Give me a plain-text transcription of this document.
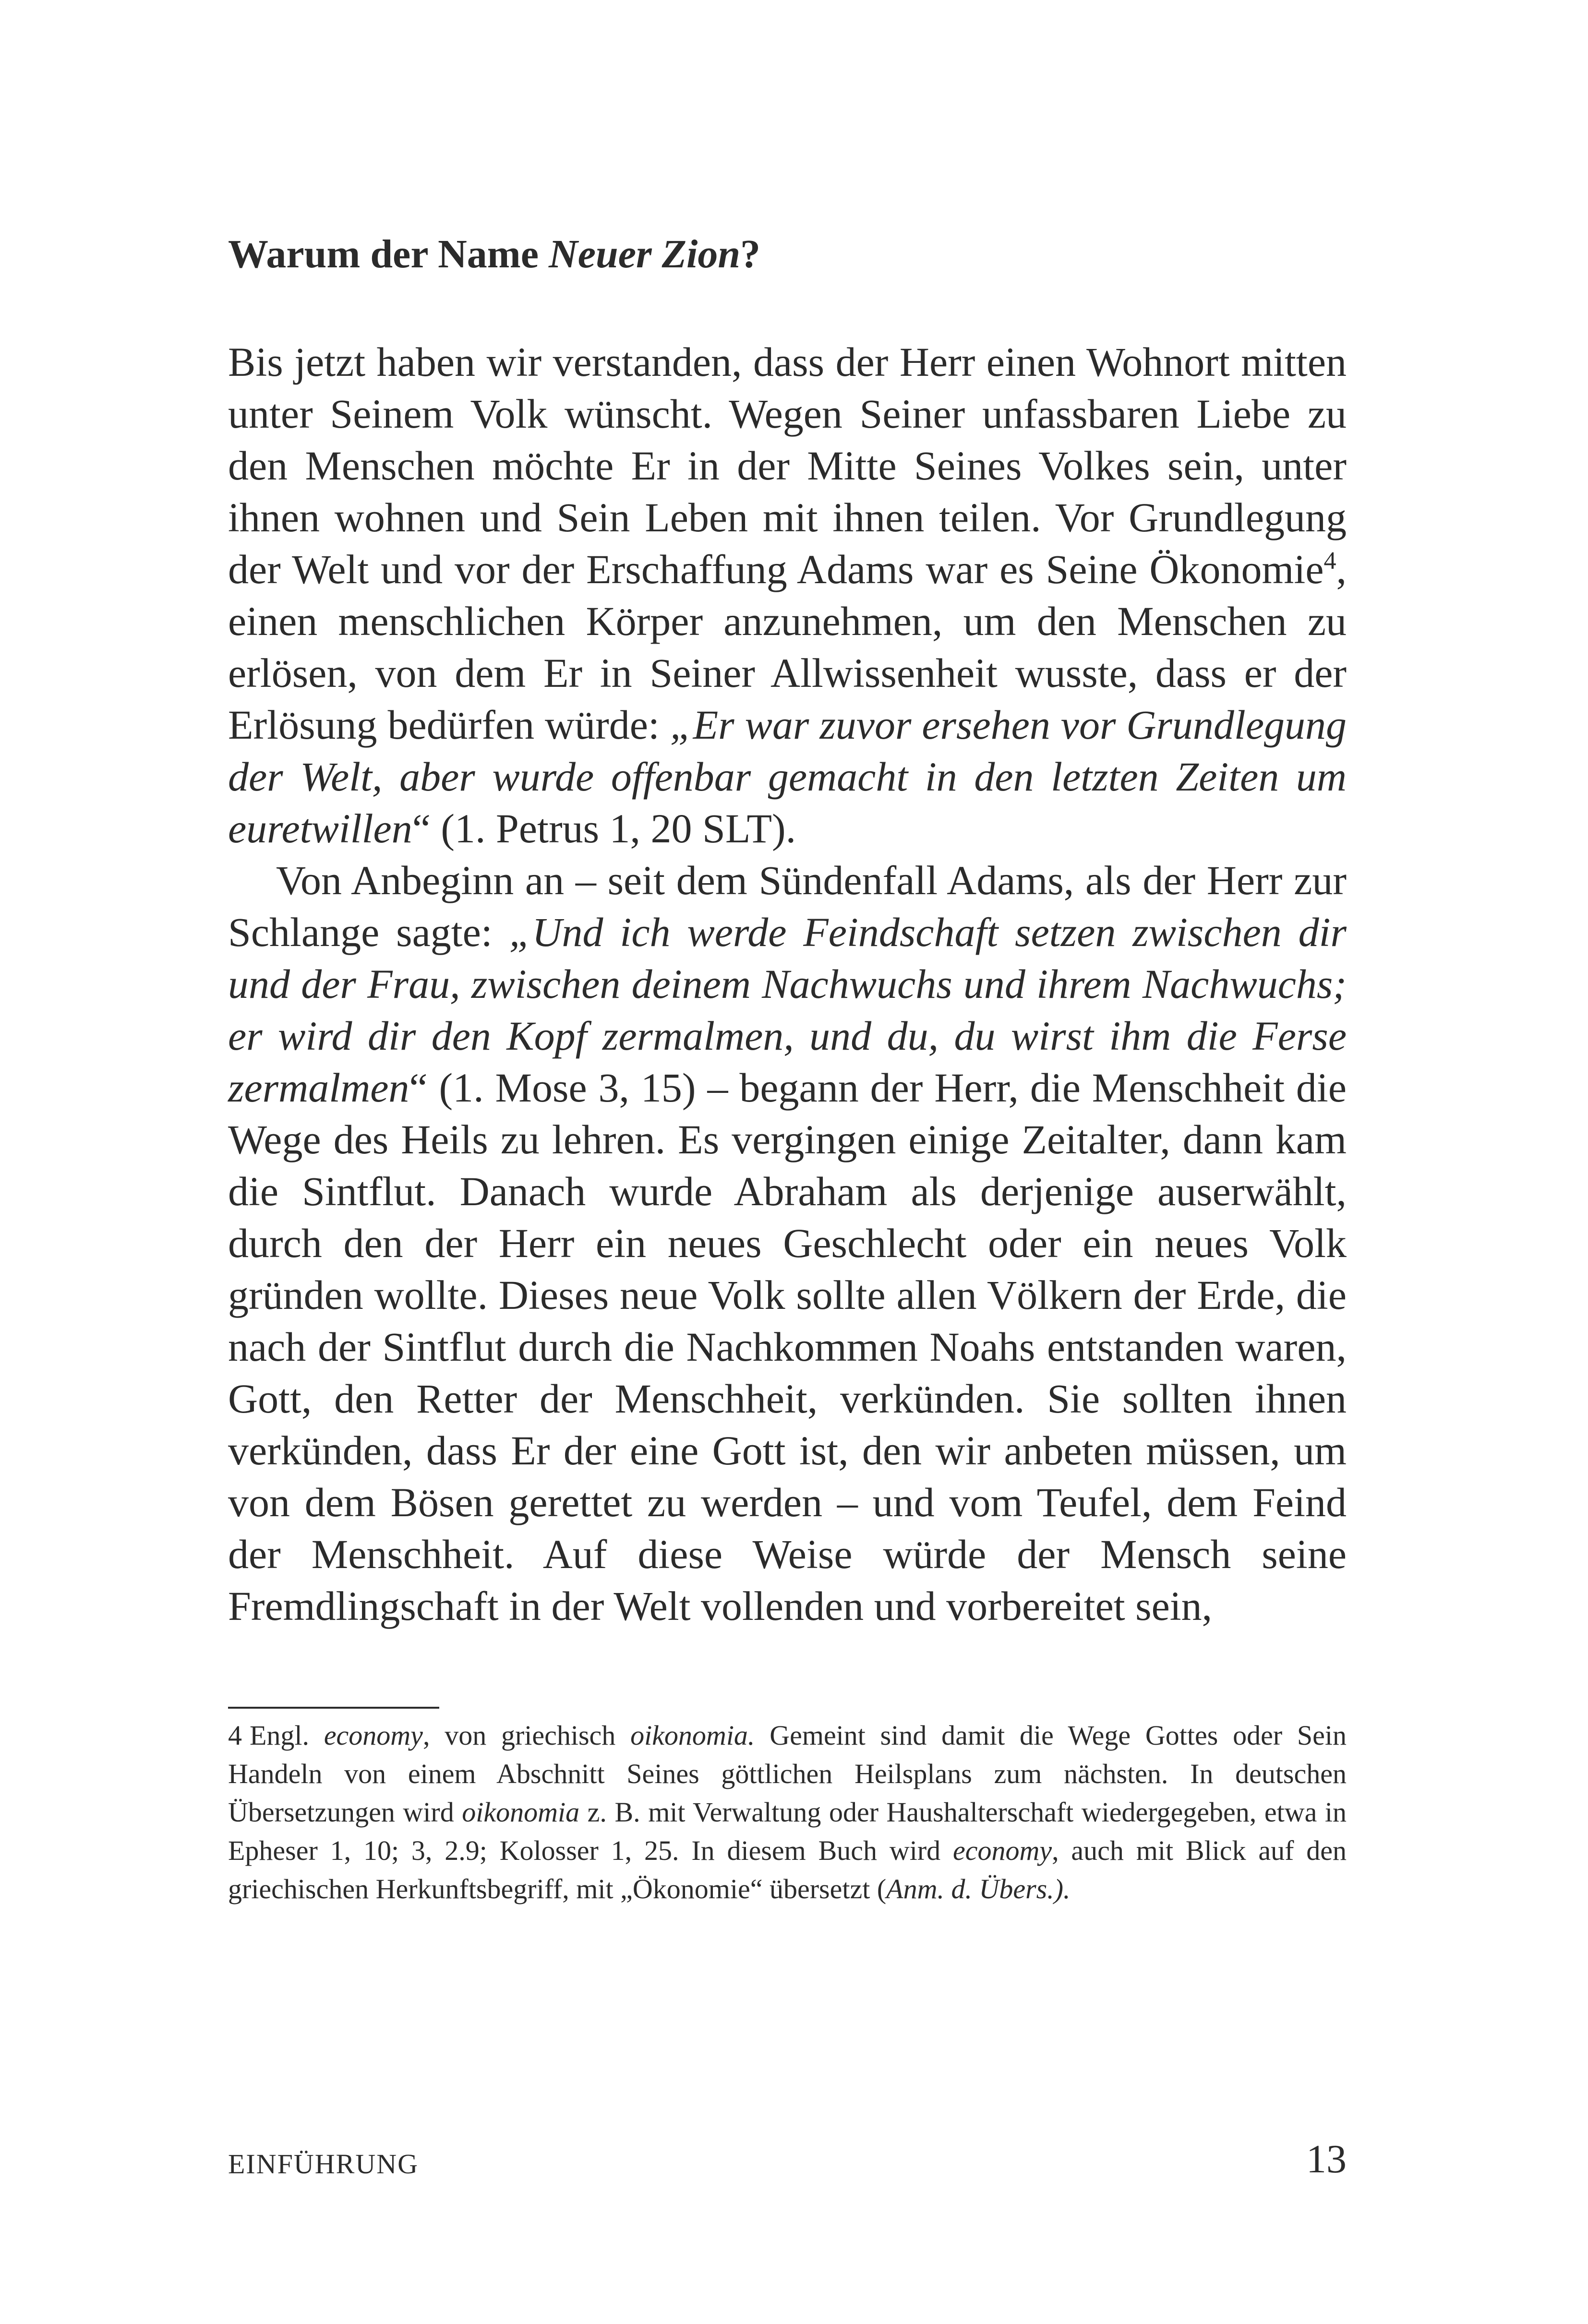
Warum der Name Neuer Zion?

Bis jetzt haben wir verstanden, dass der Herr einen Wohnort mitten unter Seinem Volk wünscht. Wegen Seiner unfassbaren Liebe zu den Menschen möchte Er in der Mitte Seines Volkes sein, unter ihnen wohnen und Sein Leben mit ihnen teilen. Vor Grundlegung der Welt und vor der Erschaffung Adams war es Seine Ökonomie$^4$, einen menschlichen Körper anzunehmen, um den Menschen zu erlösen, von dem Er in Seiner Allwissenheit wusste, dass er der Erlösung bedürfen würde: „Er war zuvor ersehen vor Grundlegung der Welt, aber wurde offenbar gemacht in den letzten Zeiten um euretwillen“ (1. Petrus 1, 20 SLT).

Von Anbeginn an – seit dem Sündenfall Adams, als der Herr zur Schlange sagte: „Und ich werde Feindschaft setzen zwischen dir und der Frau, zwischen deinem Nachwuchs und ihrem Nachwuchs; er wird dir den Kopf zermalmen, und du, du wirst ihm die Ferse zermalmen“ (1. Mose 3, 15) – begann der Herr, die Menschheit die Wege des Heils zu lehren. Es vergingen einige Zeitalter, dann kam die Sintflut. Danach wurde Abraham als derjenige auserwählt, durch den der Herr ein neues Geschlecht oder ein neues Volk gründen wollte. Dieses neue Volk sollte allen Völkern der Erde, die nach der Sintflut durch die Nachkommen Noahs entstanden waren, Gott, den Retter der Menschheit, verkünden. Sie sollten ihnen verkünden, dass Er der eine Gott ist, den wir anbeten müssen, um von dem Bösen gerettet zu werden – und vom Teufel, dem Feind der Menschheit. Auf diese Weise würde der Mensch seine Fremdlingschaft in der Welt vollenden und vorbereitet sein,

4 Engl. economy, von griechisch oikonomia. Gemeint sind damit die Wege Gottes oder Sein Handeln von einem Abschnitt Seines göttlichen Heilsplans zum nächsten. In deutschen Übersetzungen wird oikonomia z. B. mit Verwaltung oder Haushalterschaft wiedergegeben, etwa in Epheser 1, 10; 3, 2.9; Kolosser 1, 25. In diesem Buch wird economy, auch mit Blick auf den griechischen Herkunftsbegriff, mit „Ökonomie“ übersetzt (Anm. d. Übers.).

EINFÜHRUNG	13
